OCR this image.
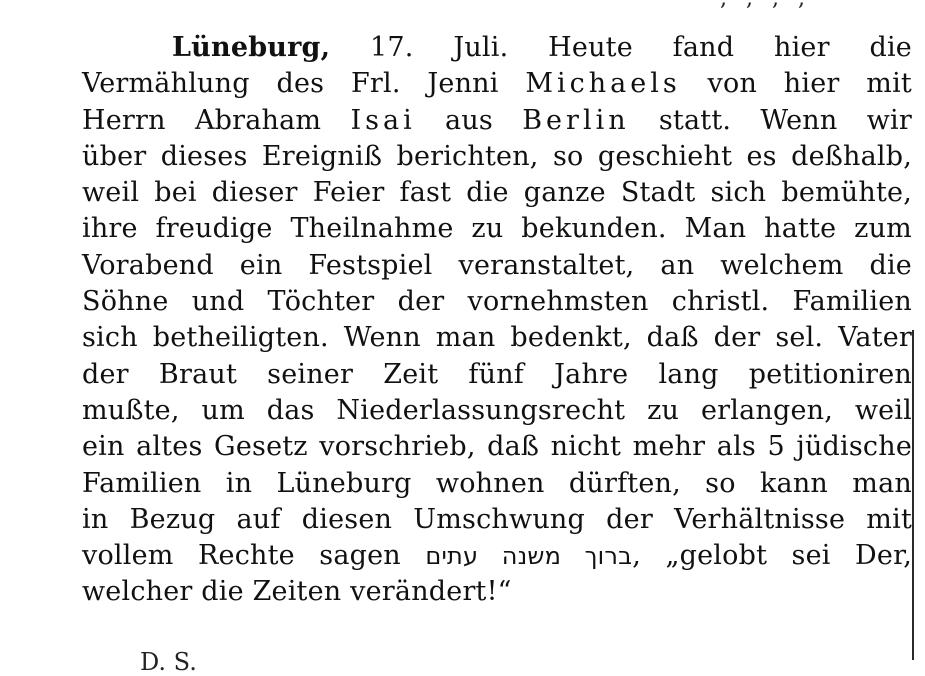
Lüneburg, 17. Juli. Heute fand hier die
Vermählung des Frl. Jenni Michaels von hier mit
Herrn Abraham Isai aus Berlin statt. Wenn wir
über dieses Ereigniß berichten, so geschieht es deßhalb,
weil bei dieser Feier fast die ganze Stadt sich bemühte,
ihre freudige Theilnahme zu bekunden. Man hatte zum
Vorabend ein Festspiel veranstaltet, an welchem die
Söhne und Töchter der vornehmsten christl. Familien
sich betheiligten. Wenn man bedenkt, daß der sel. Vater
der Braut seiner Zeit fünf Jahre lang petitioniren
mußte, um das Niederlassungsrecht zu erlangen, weil
ein altes Gesetz vorschrieb, daß nicht mehr als 5 jüdische
Familien in Lüneburg wohnen dürften, so kann man
in Bezug auf diesen Umschwung der Verhältnisse mit
vollem Rechte sagen ברוך משנה עתים, „gelobt sei Der,
welcher die Zeiten verändert!“
D. S.
